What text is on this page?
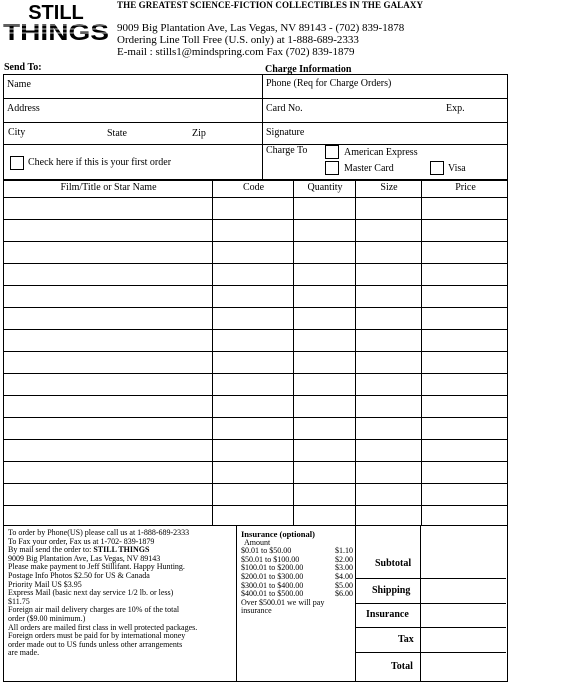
STILL
THINGS
THE GREATEST SCIENCE-FICTION COLLECTIBLES IN THE GALAXY
9009 Big Plantation Ave, Las Vegas, NV 89143 - (702) 839-1878
Ordering Line Toll Free (U.S. only) at 1-888-689-2333
E-mail : stills1@mindspring.com Fax (702) 839-1879
Send To:	Charge Information
Name
Address
City	State	Zip
Check here if this is your first order
Phone (Req for Charge Orders)
Card No.	Exp.
Signature
Charge To	American Express
Master Card	Visa
Film/Title or Star Name	Code	Quantity	Size	Price
To order by Phone(US) please call us at 1-888-689-2333
To Fax your order, Fax us at 1-702- 839-1879
By mail send the order to: STILL THINGS
9009 Big Plantation Ave, Las Vegas, NV 89143
Please make payment to Jeff Stillifant. Happy Hunting.
Postage Info Photos $2.50 for US & Canada
Priority Mail US $3.95
Express Mail (basic next day service 1/2 lb. or less)
$11.75
Foreign air mail delivery charges are 10% of the total
order ($9.00 minimum.)
All orders are mailed first class in well protected packages.
Foreign orders must be paid for by international money
order made out to US funds unless other arrangements
are made.
Insurance (optional)
Amount
$0.01 to $50.00	$1.10
$50.01 to $100.00	$2.00
$100.01 to $200.00	$3.00
$200.01 to $300.00	$4.00
$300.01 to $400.00	$5.00
$400.01 to $500.00	$6.00
Over $500.01 we will pay
insurance
Subtotal
Shipping
Insurance
Tax
Total
